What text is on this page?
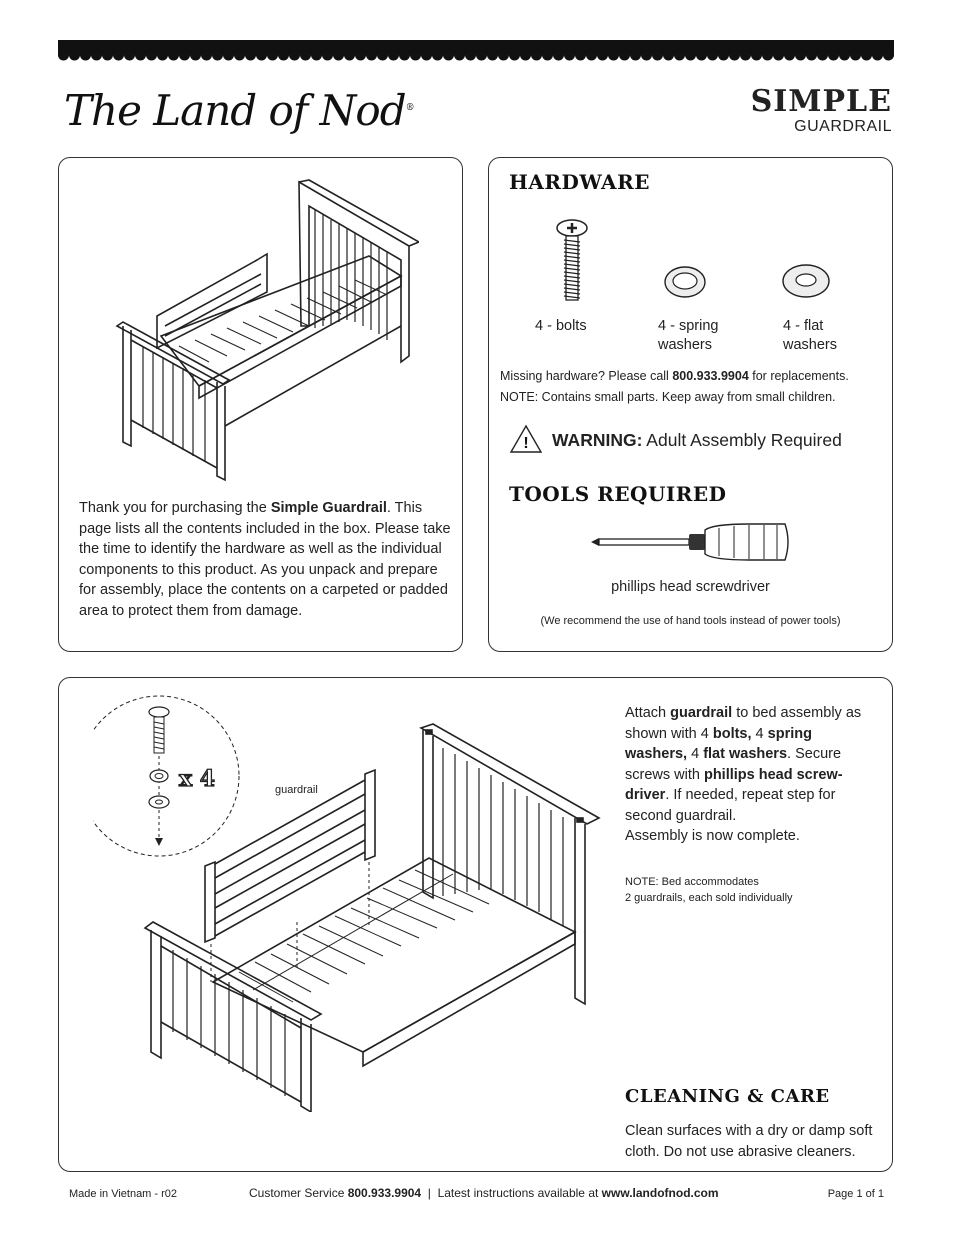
The Land of Nod®	SIMPLE
GUARDRAIL
Thank you for purchasing the Simple Guardrail. This page lists all the contents included in the box. Please take the time to identify the hardware as well as the individual components to this product. As you unpack and prepare for assembly, place the contents on a carpeted or padded area to protect them from damage.
HARDWARE
4 - bolts	4 - spring washers
4 - flat washers
Missing hardware? Please call 800.933.9904 for replacements.
NOTE: Contains small parts. Keep away from small children.
! WARNING: Adult Assembly Required
TOOLS REQUIRED
phillips head screwdriver
(We recommend the use of hand tools instead of power tools)
x 4	guardrail
Attach guardrail to bed assembly as shown with 4 bolts, 4 spring washers, 4 flat washers. Secure screws with phillips head screw-driver. If needed, repeat step for second guardrail.
Assembly is now complete.
NOTE: Bed accommodates
2 guardrails, each sold individually
CLEANING & CARE
Clean surfaces with a dry or damp soft cloth. Do not use abrasive cleaners.
Made in Vietnam - r02	Customer Service 800.933.9904  |  Latest instructions available at www.landofnod.com	Page 1 of 1
